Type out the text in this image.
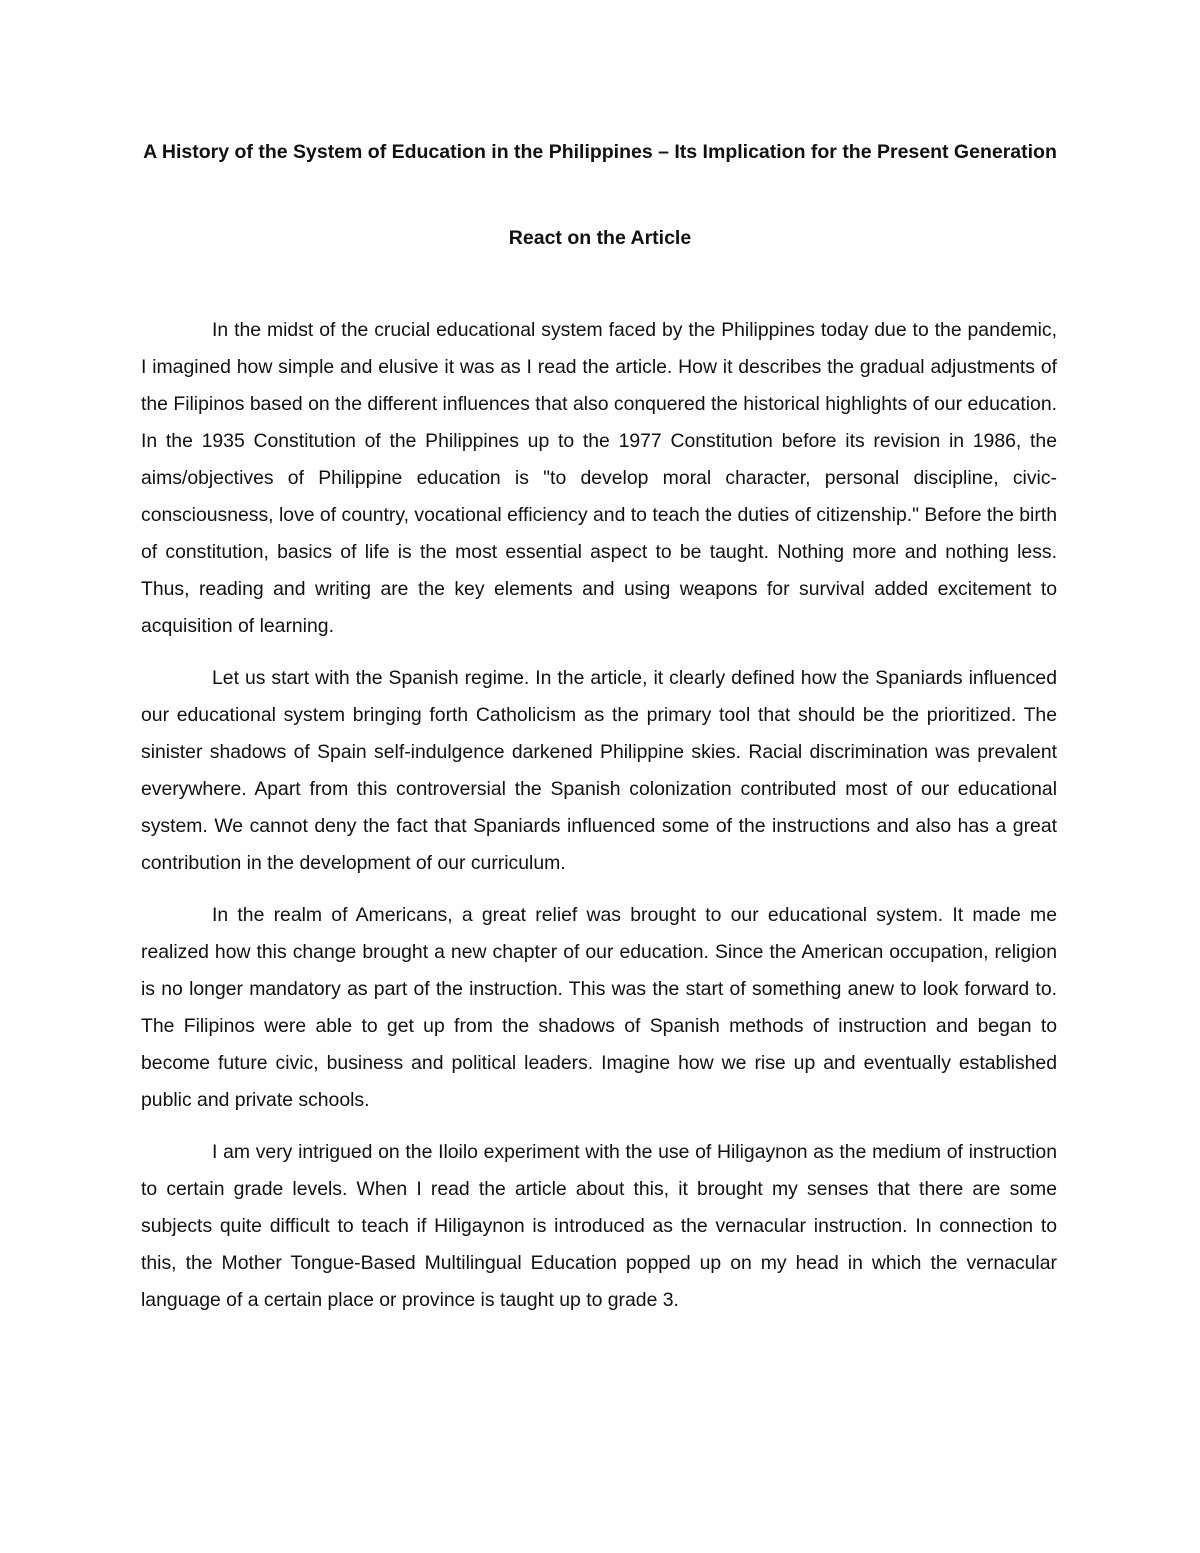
A History of the System of Education in the Philippines – Its Implication for the Present Generation
React on the Article

In the midst of the crucial educational system faced by the Philippines today due to the pandemic, I imagined how simple and elusive it was as I read the article. How it describes the gradual adjustments of the Filipinos based on the different influences that also conquered the historical highlights of our education. In the 1935 Constitution of the Philippines up to the 1977 Constitution before its revision in 1986, the aims/objectives of Philippine education is "to develop moral character, personal discipline, civic-consciousness, love of country, vocational efficiency and to teach the duties of citizenship." Before the birth of constitution, basics of life is the most essential aspect to be taught. Nothing more and nothing less. Thus, reading and writing are the key elements and using weapons for survival added excitement to acquisition of learning.

Let us start with the Spanish regime. In the article, it clearly defined how the Spaniards influenced our educational system bringing forth Catholicism as the primary tool that should be the prioritized. The sinister shadows of Spain self-indulgence darkened Philippine skies. Racial discrimination was prevalent everywhere. Apart from this controversial the Spanish colonization contributed most of our educational system. We cannot deny the fact that Spaniards influenced some of the instructions and also has a great contribution in the development of our curriculum.

In the realm of Americans, a great relief was brought to our educational system. It made me realized how this change brought a new chapter of our education. Since the American occupation, religion is no longer mandatory as part of the instruction. This was the start of something anew to look forward to. The Filipinos were able to get up from the shadows of Spanish methods of instruction and began to become future civic, business and political leaders. Imagine how we rise up and eventually established public and private schools.

I am very intrigued on the Iloilo experiment with the use of Hiligaynon as the medium of instruction to certain grade levels. When I read the article about this, it brought my senses that there are some subjects quite difficult to teach if Hiligaynon is introduced as the vernacular instruction. In connection to this, the Mother Tongue-Based Multilingual Education popped up on my head in which the vernacular language of a certain place or province is taught up to grade 3.
